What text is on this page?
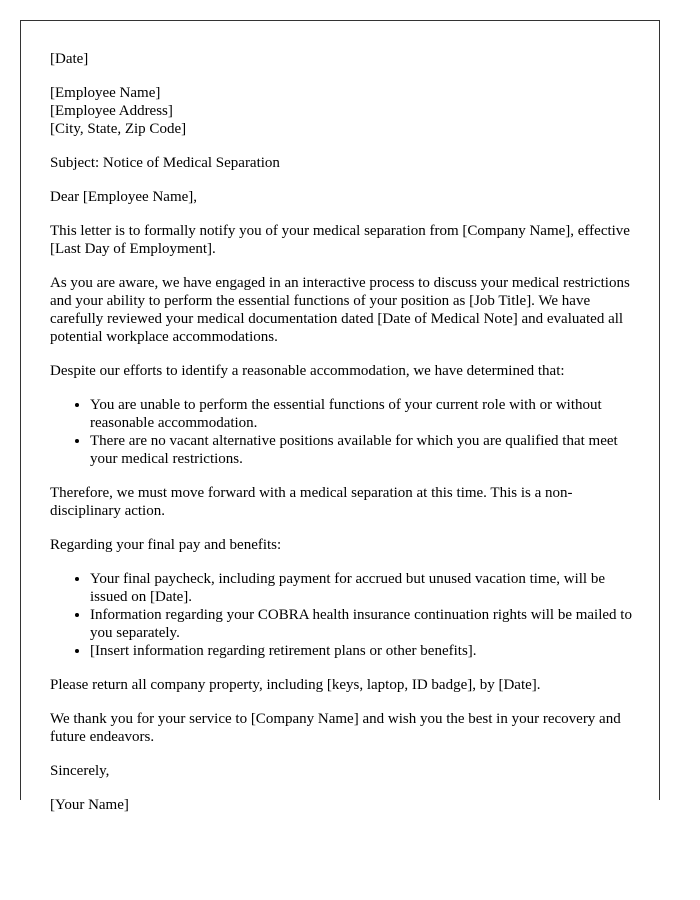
[Date]

[Employee Name]
[Employee Address]
[City, State, Zip Code]

Subject: Notice of Medical Separation

Dear [Employee Name],

This letter is to formally notify you of your medical separation from [Company Name], effective [Last Day of Employment].

As you are aware, we have engaged in an interactive process to discuss your medical restrictions and your ability to perform the essential functions of your position as [Job Title]. We have carefully reviewed your medical documentation dated [Date of Medical Note] and evaluated all potential workplace accommodations.

Despite our efforts to identify a reasonable accommodation, we have determined that:

• You are unable to perform the essential functions of your current role with or without reasonable accommodation.
• There are no vacant alternative positions available for which you are qualified that meet your medical restrictions.

Therefore, we must move forward with a medical separation at this time. This is a non-disciplinary action.

Regarding your final pay and benefits:

• Your final paycheck, including payment for accrued but unused vacation time, will be issued on [Date].
• Information regarding your COBRA health insurance continuation rights will be mailed to you separately.
• [Insert information regarding retirement plans or other benefits].

Please return all company property, including [keys, laptop, ID badge], by [Date].

We thank you for your service to [Company Name] and wish you the best in your recovery and future endeavors.

Sincerely,

[Your Name]
